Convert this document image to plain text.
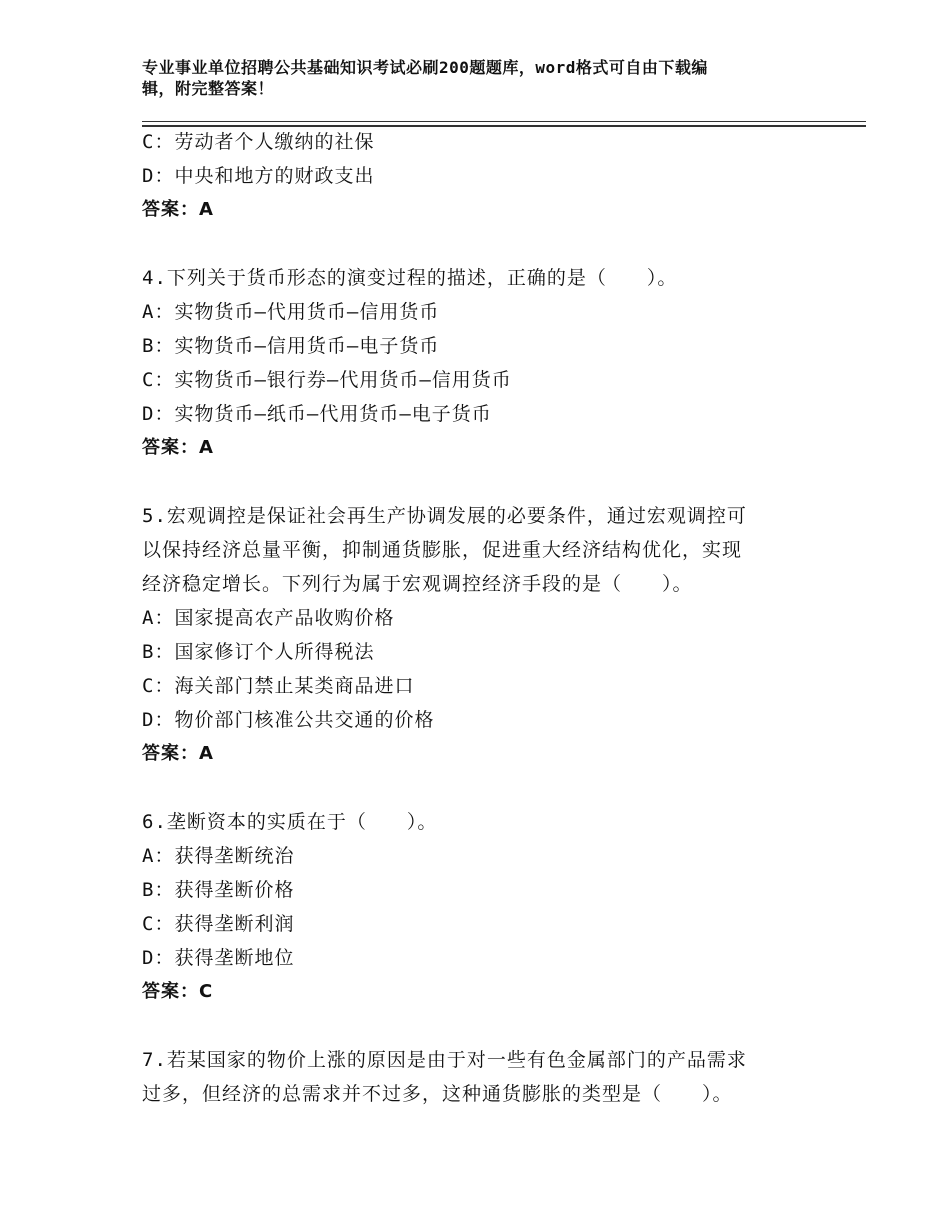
专业事业单位招聘公共基础知识考试必刷200题题库，word格式可自由下载编
辑，附完整答案！
C：劳动者个人缴纳的社保
D：中央和地方的财政支出
答案：A
4.下列关于货币形态的演变过程的描述，正确的是（　　）。
A：实物货币—代用货币—信用货币
B：实物货币—信用货币—电子货币
C：实物货币—银行券—代用货币—信用货币
D：实物货币—纸币—代用货币—电子货币
答案：A
5.宏观调控是保证社会再生产协调发展的必要条件，通过宏观调控可
以保持经济总量平衡，抑制通货膨胀，促进重大经济结构优化，实现
经济稳定增长。下列行为属于宏观调控经济手段的是（　　）。
A：国家提高农产品收购价格
B：国家修订个人所得税法
C：海关部门禁止某类商品进口
D：物价部门核准公共交通的价格
答案：A
6.垄断资本的实质在于（　　）。
A：获得垄断统治
B：获得垄断价格
C：获得垄断利润
D：获得垄断地位
答案：C
7.若某国家的物价上涨的原因是由于对一些有色金属部门的产品需求
过多，但经济的总需求并不过多，这种通货膨胀的类型是（　　）。
